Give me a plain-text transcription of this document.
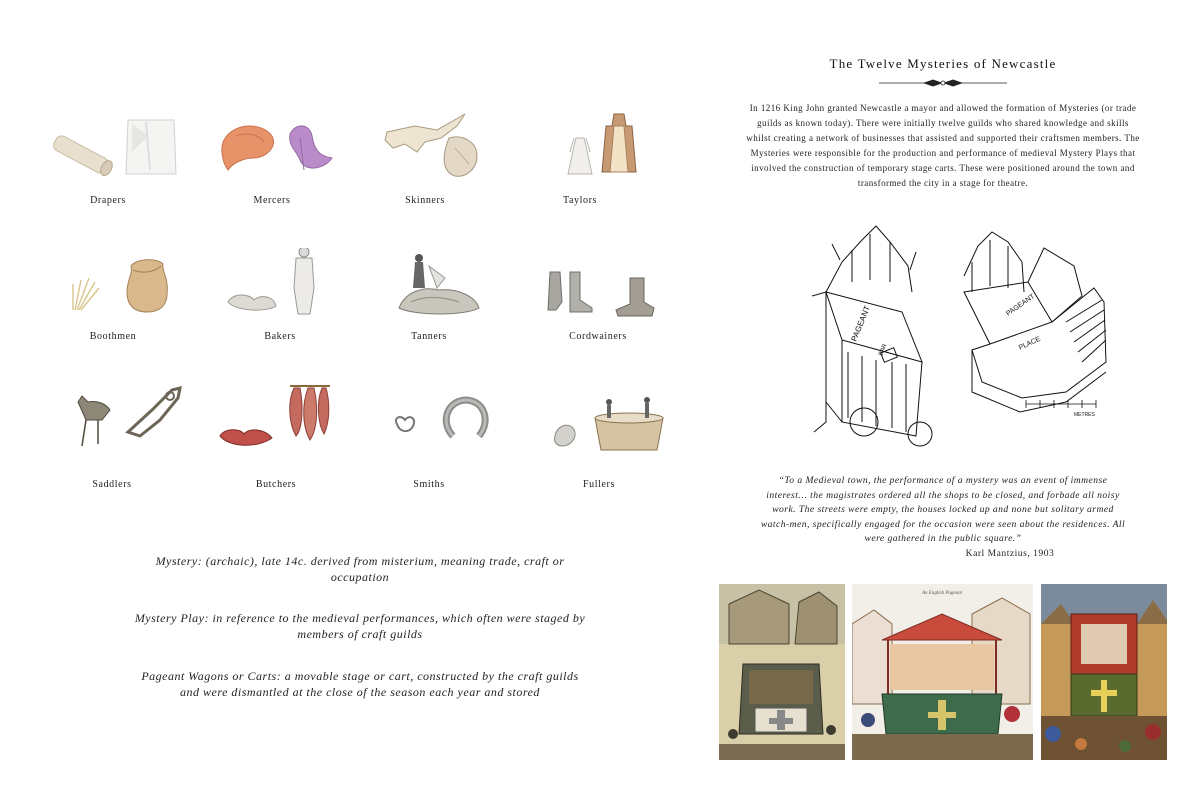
Drapers	Mercers	Skinners	Taylors
Boothmen	Bakers	Tanners	Cordwainers
Saddlers	Butchers	Smiths	Fullers
Mystery: (archaic), late 14c. derived from misterium, meaning trade, craft or
occupation
Mystery Play: in reference to the medieval performances, which often were staged by
members of craft guilds
Pageant Wagons or Carts: a movable stage or cart, constructed by the craft guilds
and were dismantled at the close of the season each year and stored
The Twelve Mysteries of Newcastle
In 1216 King John granted Newcastle a mayor and allowed the formation of Mysteries (or trade
guilds as known today). There were initially twelve guilds who shared knowledge and skills
whilst creating a network of businesses that assisted and supported their craftsmen members. The
Mysteries were responsible for the production and performance of medieval Mystery Plays that
involved the construction of temporary stage carts. These were positioned around the town and
transformed the city in a stage for theatre.
PAGEANT
BAR
PAGEANT
PLACE
METRES
“To a Medieval town, the performance of a mystery was an event of immense
interest… the magistrates ordered all the shops to be closed, and forbade all noisy
work. The streets were empty, the houses locked up and none but solitary armed
watch-men, specifically engaged for the occasion were seen about the residences. All
were gathered in the public square.”
Karl Mantzius, 1903
An English Pageant
